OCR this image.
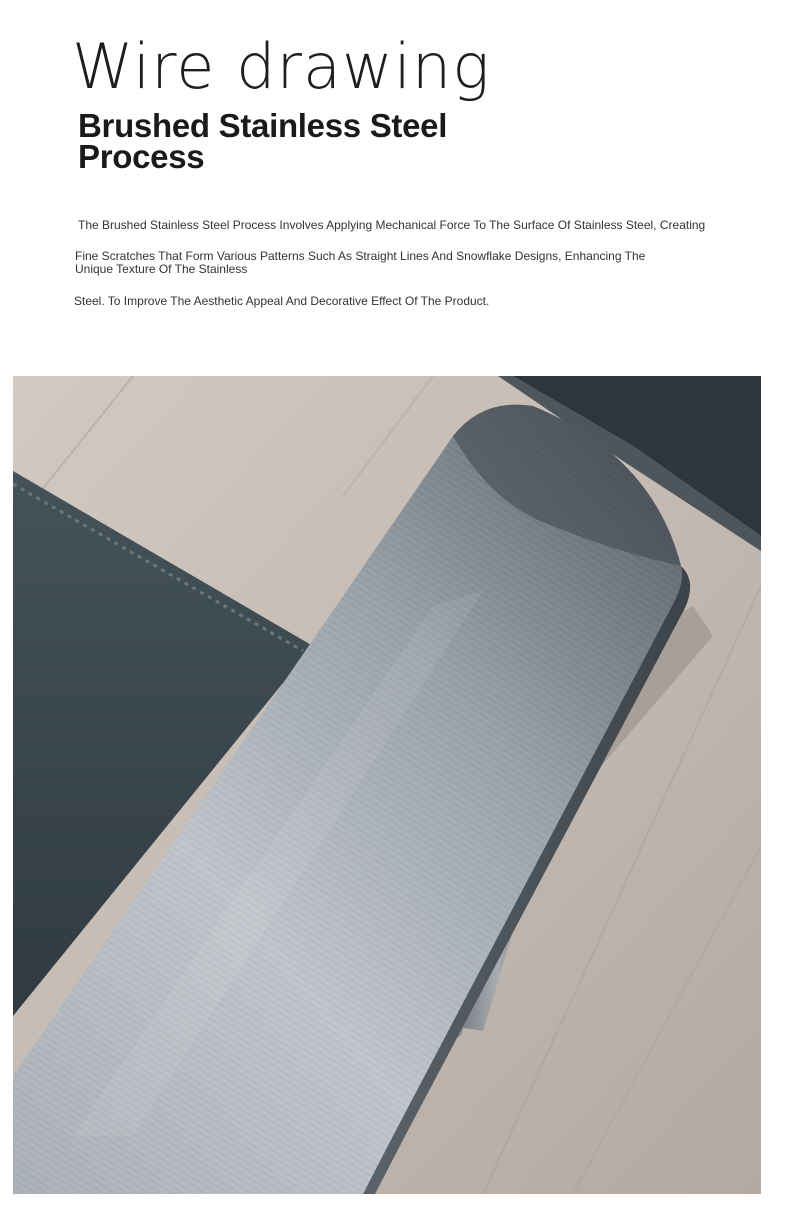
Wire drawing
Brushed Stainless Steel
Process

The Brushed Stainless Steel Process Involves Applying Mechanical Force To The Surface Of Stainless Steel, Creating

Fine Scratches That Form Various Patterns Such As Straight Lines And Snowflake Designs, Enhancing The Unique Texture Of The Stainless

Steel. To Improve The Aesthetic Appeal And Decorative Effect Of The Product.
